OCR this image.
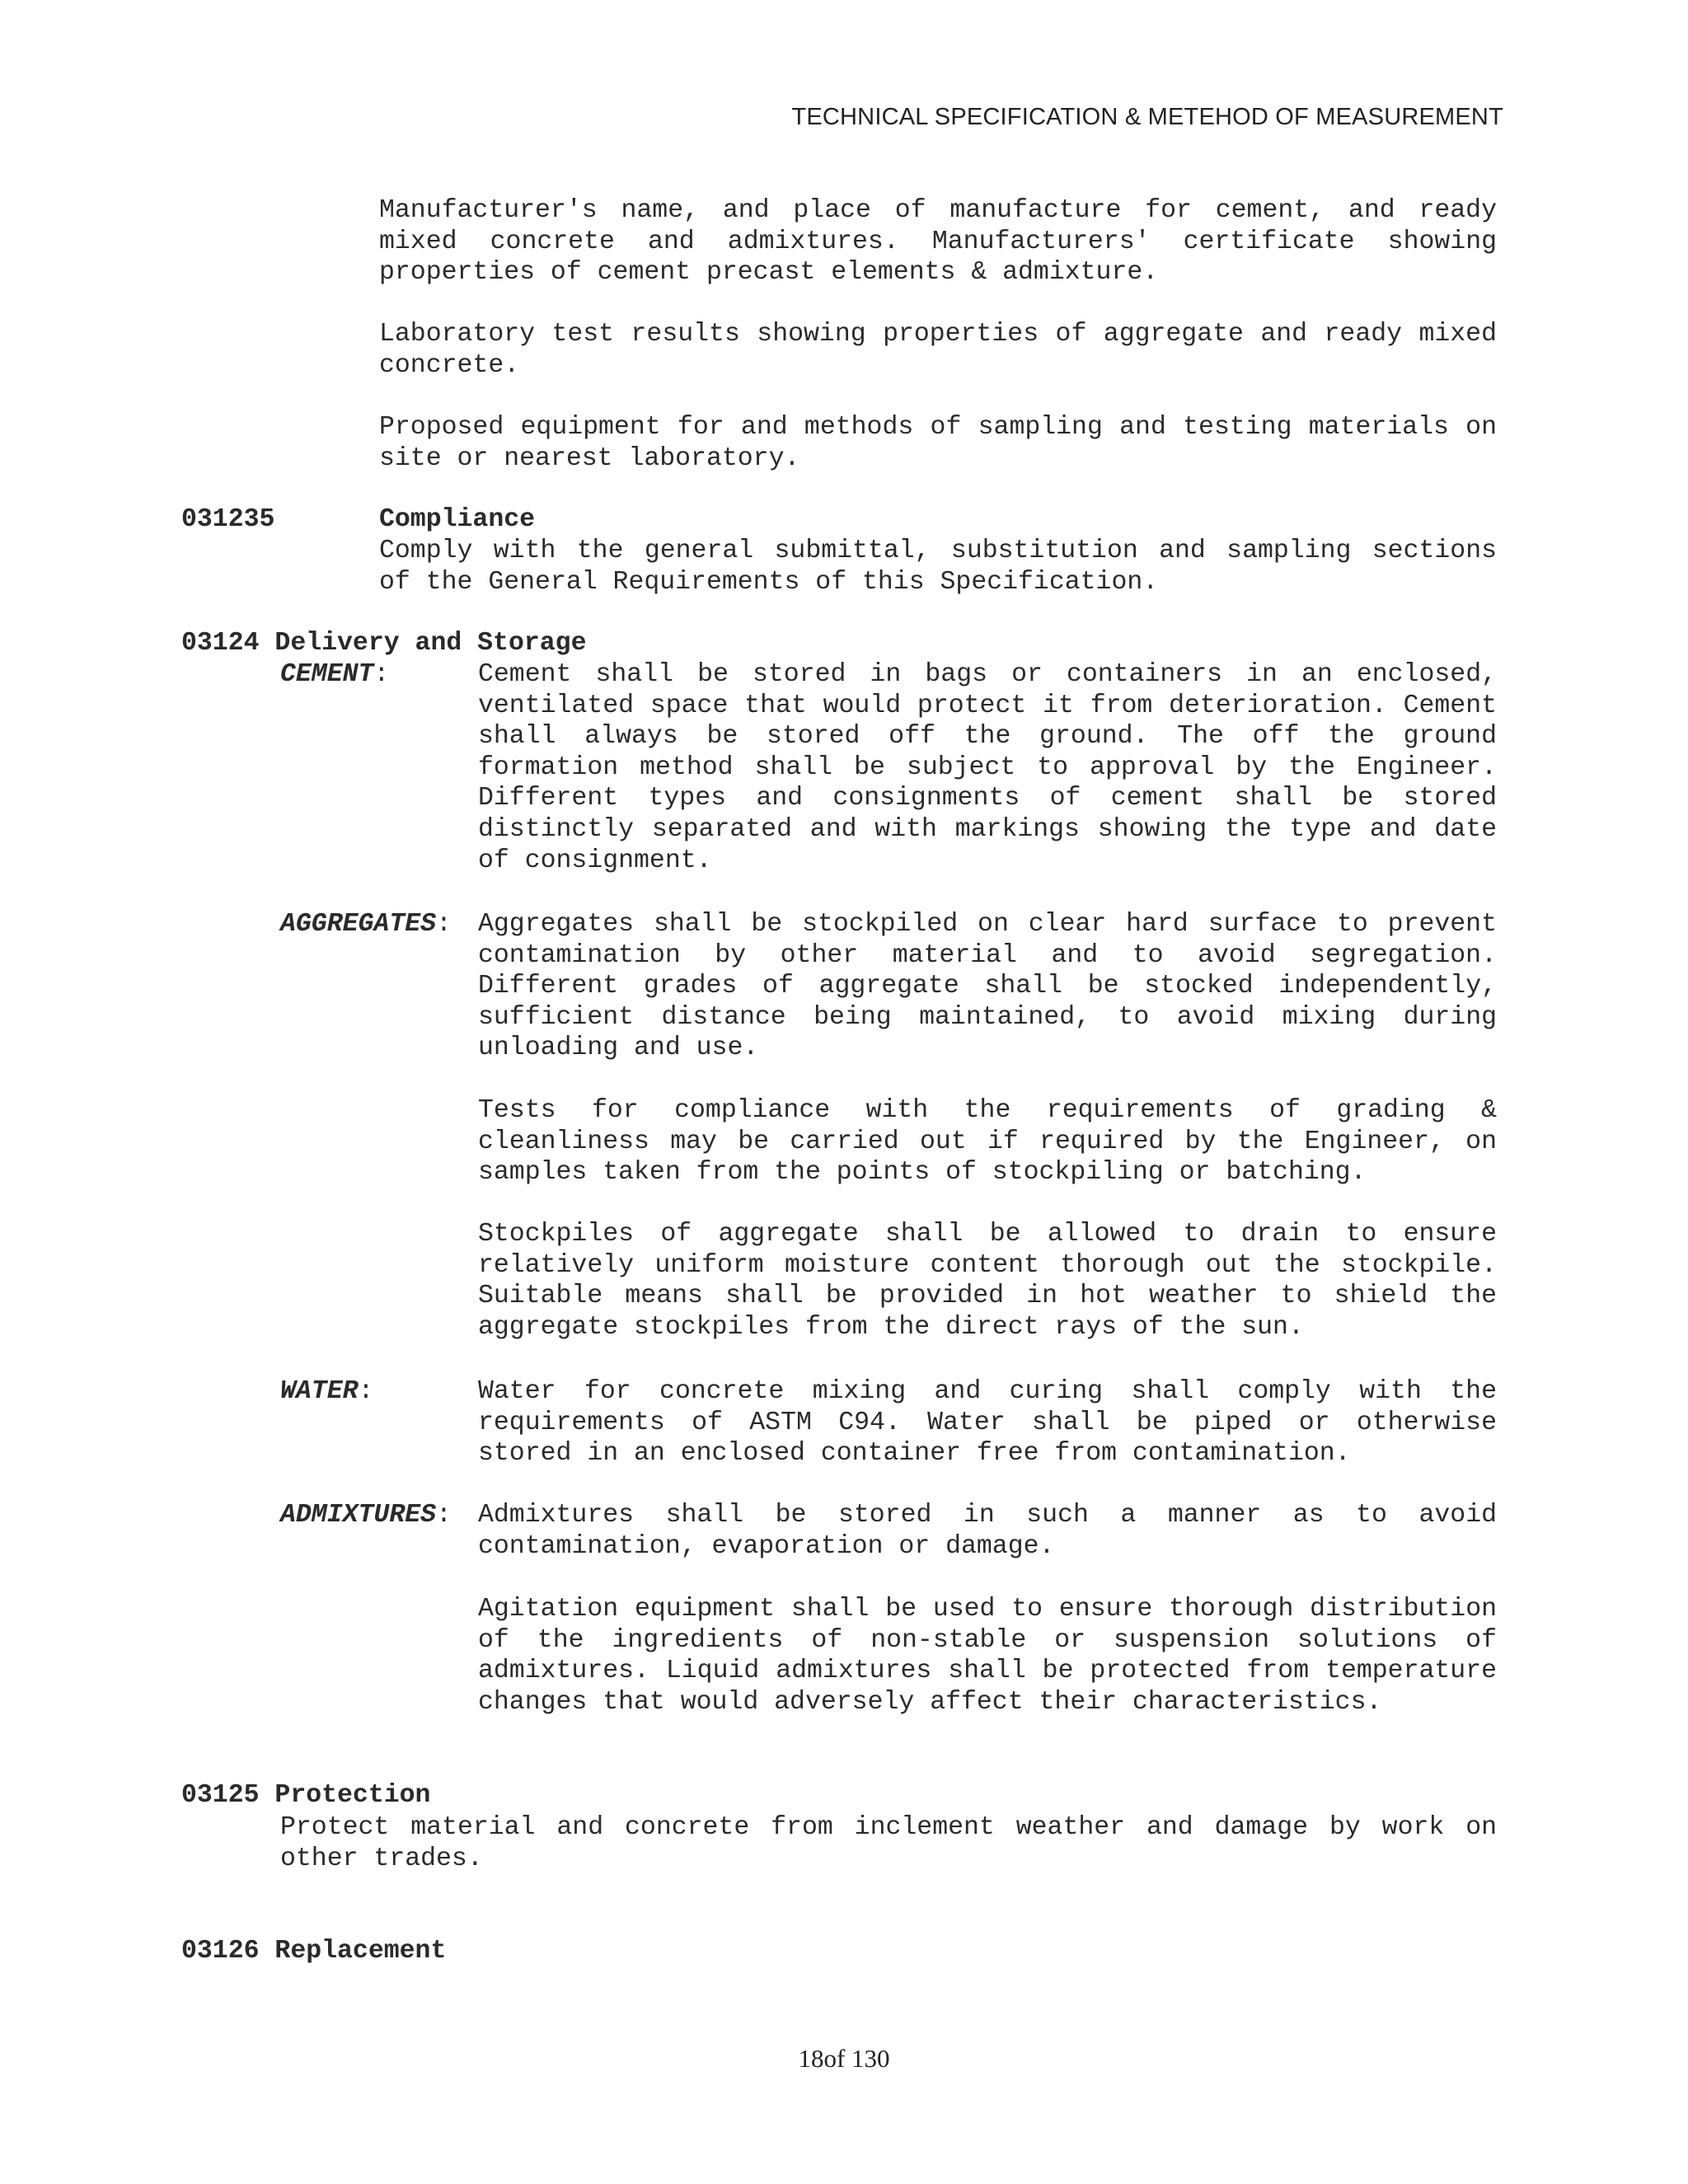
TECHNICAL SPECIFICATION & METEHOD OF MEASUREMENT

Manufacturer's name, and place of manufacture for cement, and ready mixed concrete and admixtures. Manufacturers' certificate showing properties of cement precast elements & admixture.

Laboratory test results showing properties of aggregate and ready mixed concrete.

Proposed equipment for and methods of sampling and testing materials on site or nearest laboratory.

031235	Compliance

Comply with the general submittal, substitution and sampling sections of the General Requirements of this Specification.

03124 Delivery and Storage
CEMENT:	Cement shall be stored in bags or containers in an enclosed, ventilated space that would protect it from deterioration. Cement shall always be stored off the ground. The off the ground formation method shall be subject to approval by the Engineer. Different types and consignments of cement shall be stored distinctly separated and with markings showing the type and date of consignment.

AGGREGATES: Aggregates shall be stockpiled on clear hard surface to prevent contamination by other material and to avoid segregation. Different grades of aggregate shall be stocked independently, sufficient distance being maintained, to avoid mixing during unloading and use.

Tests for compliance with the requirements of grading & cleanliness may be carried out if required by the Engineer, on samples taken from the points of stockpiling or batching.

Stockpiles of aggregate shall be allowed to drain to ensure relatively uniform moisture content thorough out the stockpile. Suitable means shall be provided in hot weather to shield the aggregate stockpiles from the direct rays of the sun.

WATER:	Water for concrete mixing and curing shall comply with the requirements of ASTM C94. Water shall be piped or otherwise stored in an enclosed container free from contamination.

ADMIXTURES: Admixtures shall be stored in such a manner as to avoid contamination, evaporation or damage.

Agitation equipment shall be used to ensure thorough distribution of the ingredients of non-stable or suspension solutions of admixtures. Liquid admixtures shall be protected from temperature changes that would adversely affect their characteristics.

03125 Protection

Protect material and concrete from inclement weather and damage by work on other trades.

03126 Replacement
18of 130
